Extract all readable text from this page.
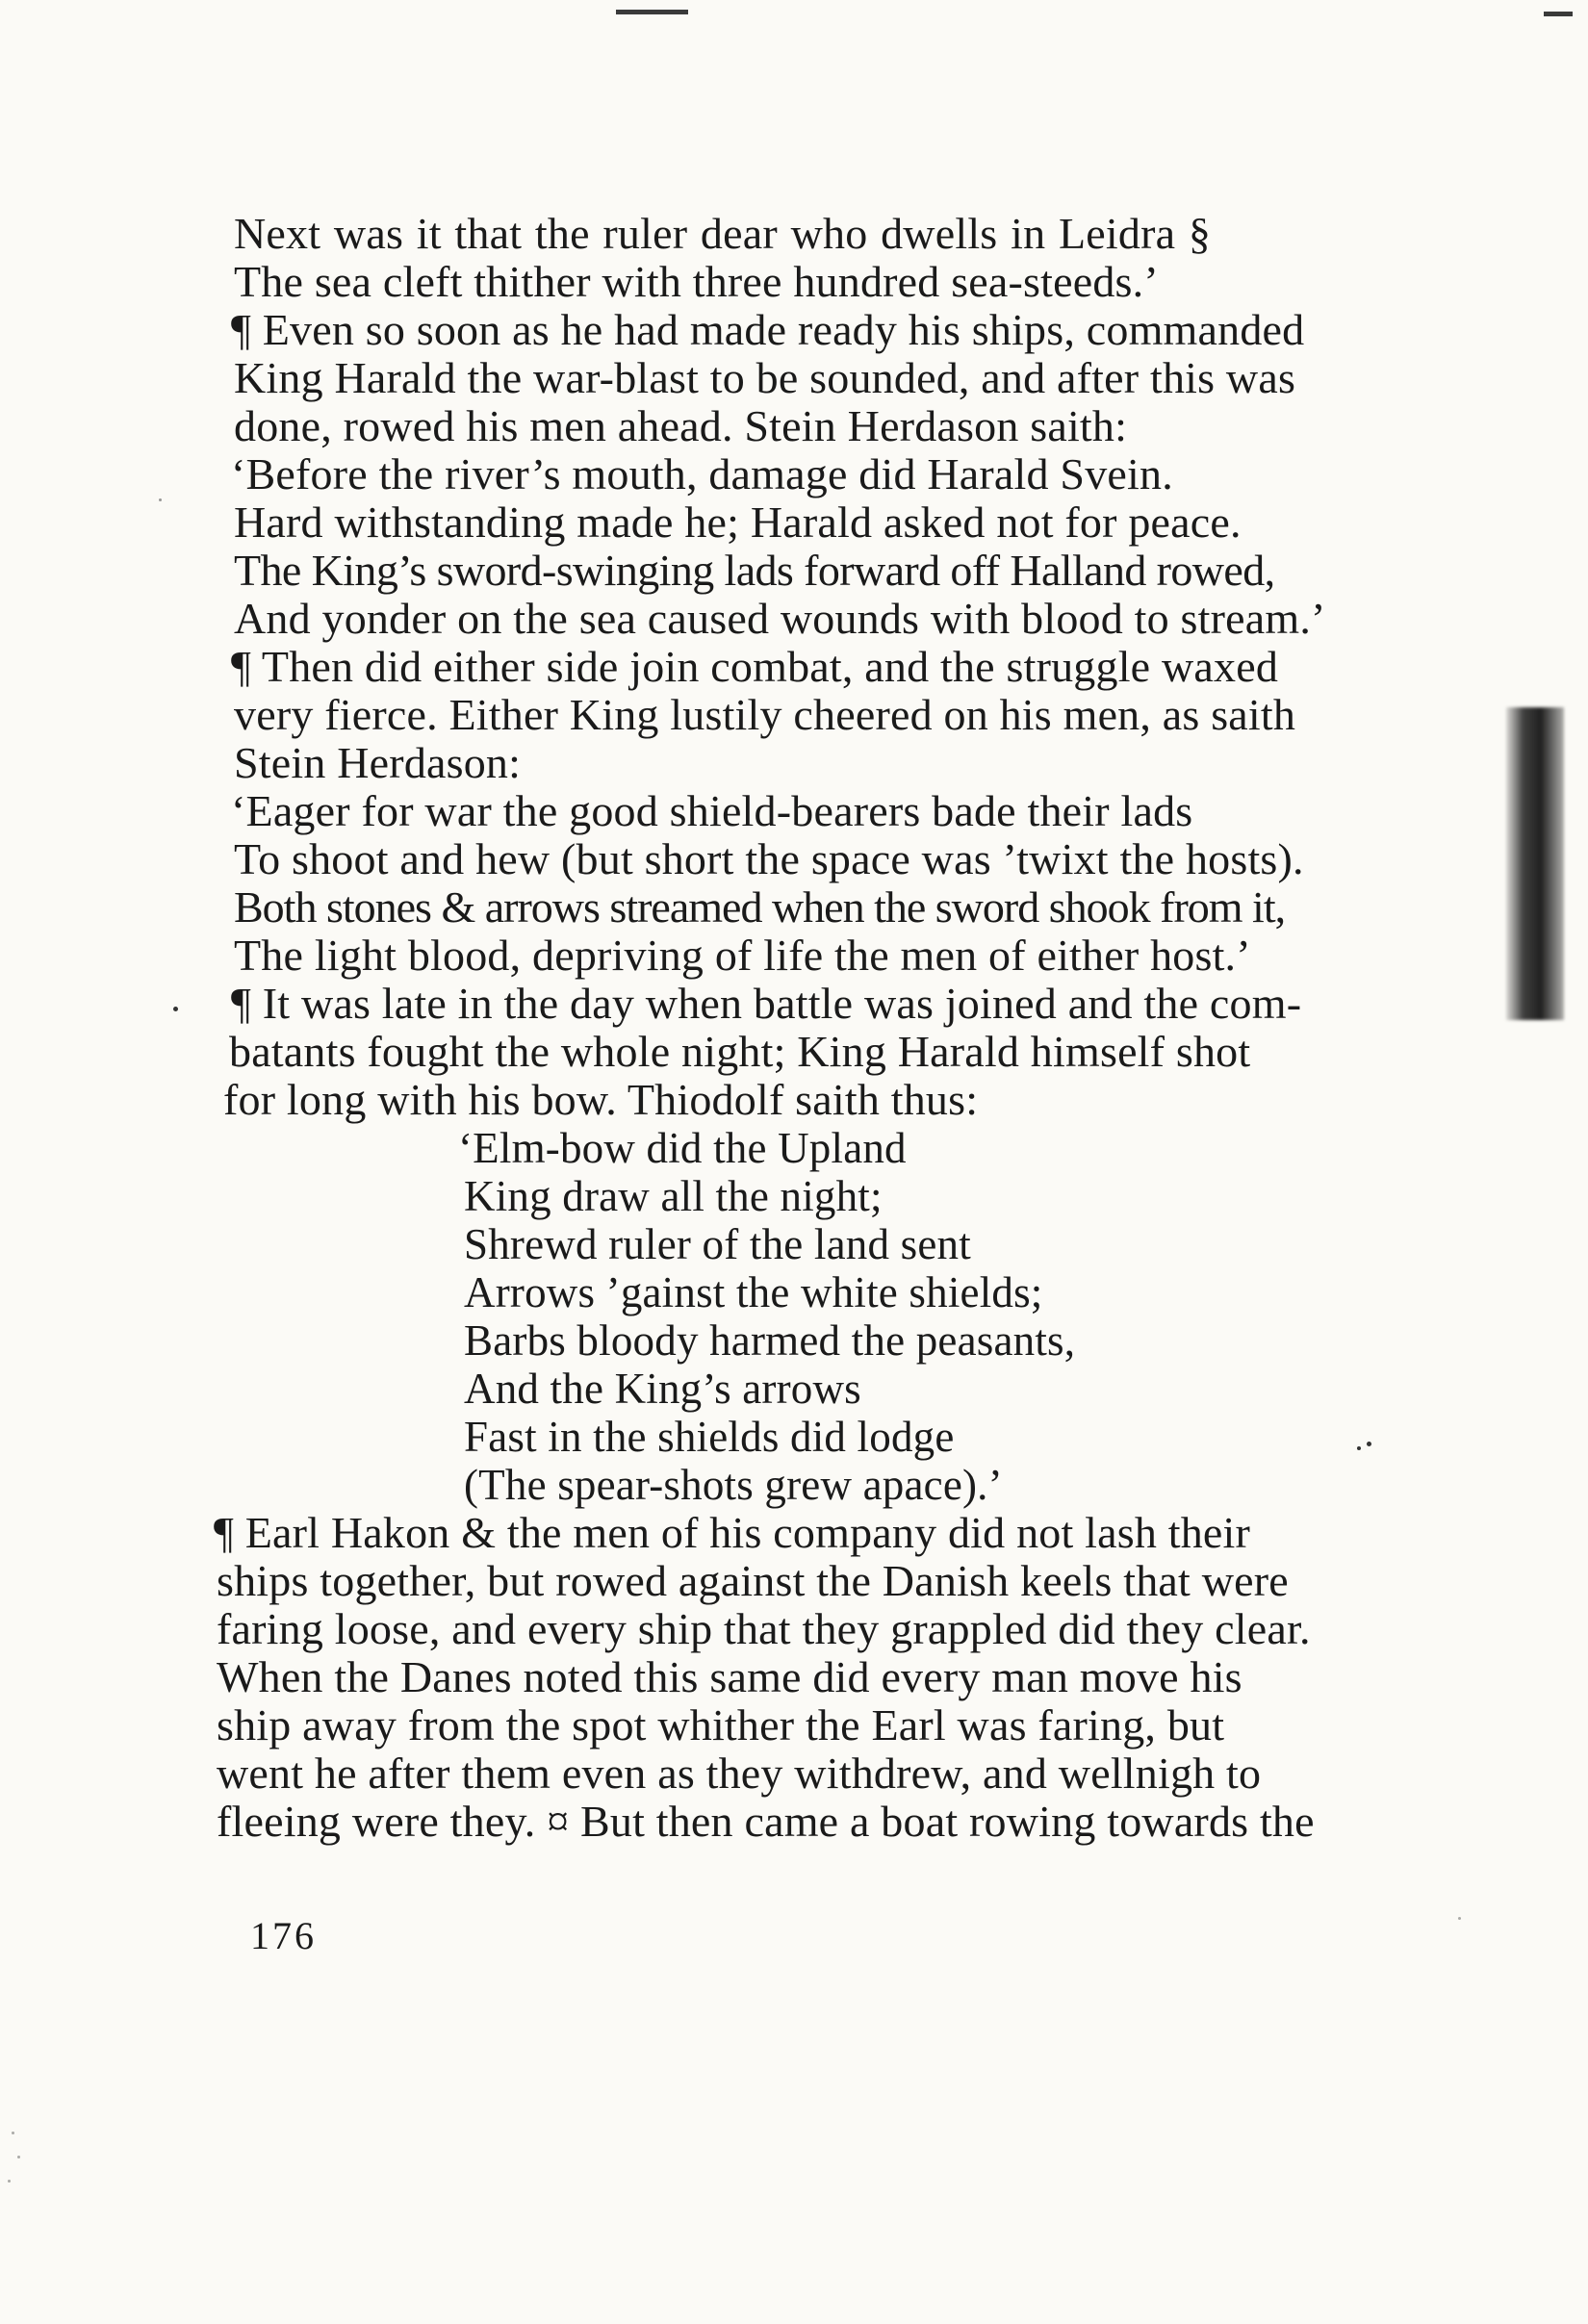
Next was it that the ruler dear who dwells in Leidra §
The sea cleft thither with three hundred sea-steeds.’
¶ Even so soon as he had made ready his ships, commanded
King Harald the war-blast to be sounded, and after this was
done, rowed his men ahead. Stein Herdason saith:
‘Before the river’s mouth, damage did Harald Svein.
Hard withstanding made he; Harald asked not for peace.
The King’s sword-swinging lads forward off Halland rowed,
And yonder on the sea caused wounds with blood to stream.’
¶ Then did either side join combat, and the struggle waxed
very fierce. Either King lustily cheered on his men, as saith
Stein Herdason:
‘Eager for war the good shield-bearers bade their lads
To shoot and hew (but short the space was ’twixt the hosts).
Both stones & arrows streamed when the sword shook from it,
The light blood, depriving of life the men of either host.’
¶ It was late in the day when battle was joined and the com-
batants fought the whole night; King Harald himself shot
for long with his bow. Thiodolf saith thus:
‘Elm-bow did the Upland
King draw all the night;
Shrewd ruler of the land sent
Arrows ’gainst the white shields;
Barbs bloody harmed the peasants,
And the King’s arrows
Fast in the shields did lodge
(The spear-shots grew apace).’
¶ Earl Hakon & the men of his company did not lash their
ships together, but rowed against the Danish keels that were
faring loose, and every ship that they grappled did they clear.
When the Danes noted this same did every man move his
ship away from the spot whither the Earl was faring, but
went he after them even as they withdrew, and wellnigh to
fleeing were they. ¤ But then came a boat rowing towards the
176
